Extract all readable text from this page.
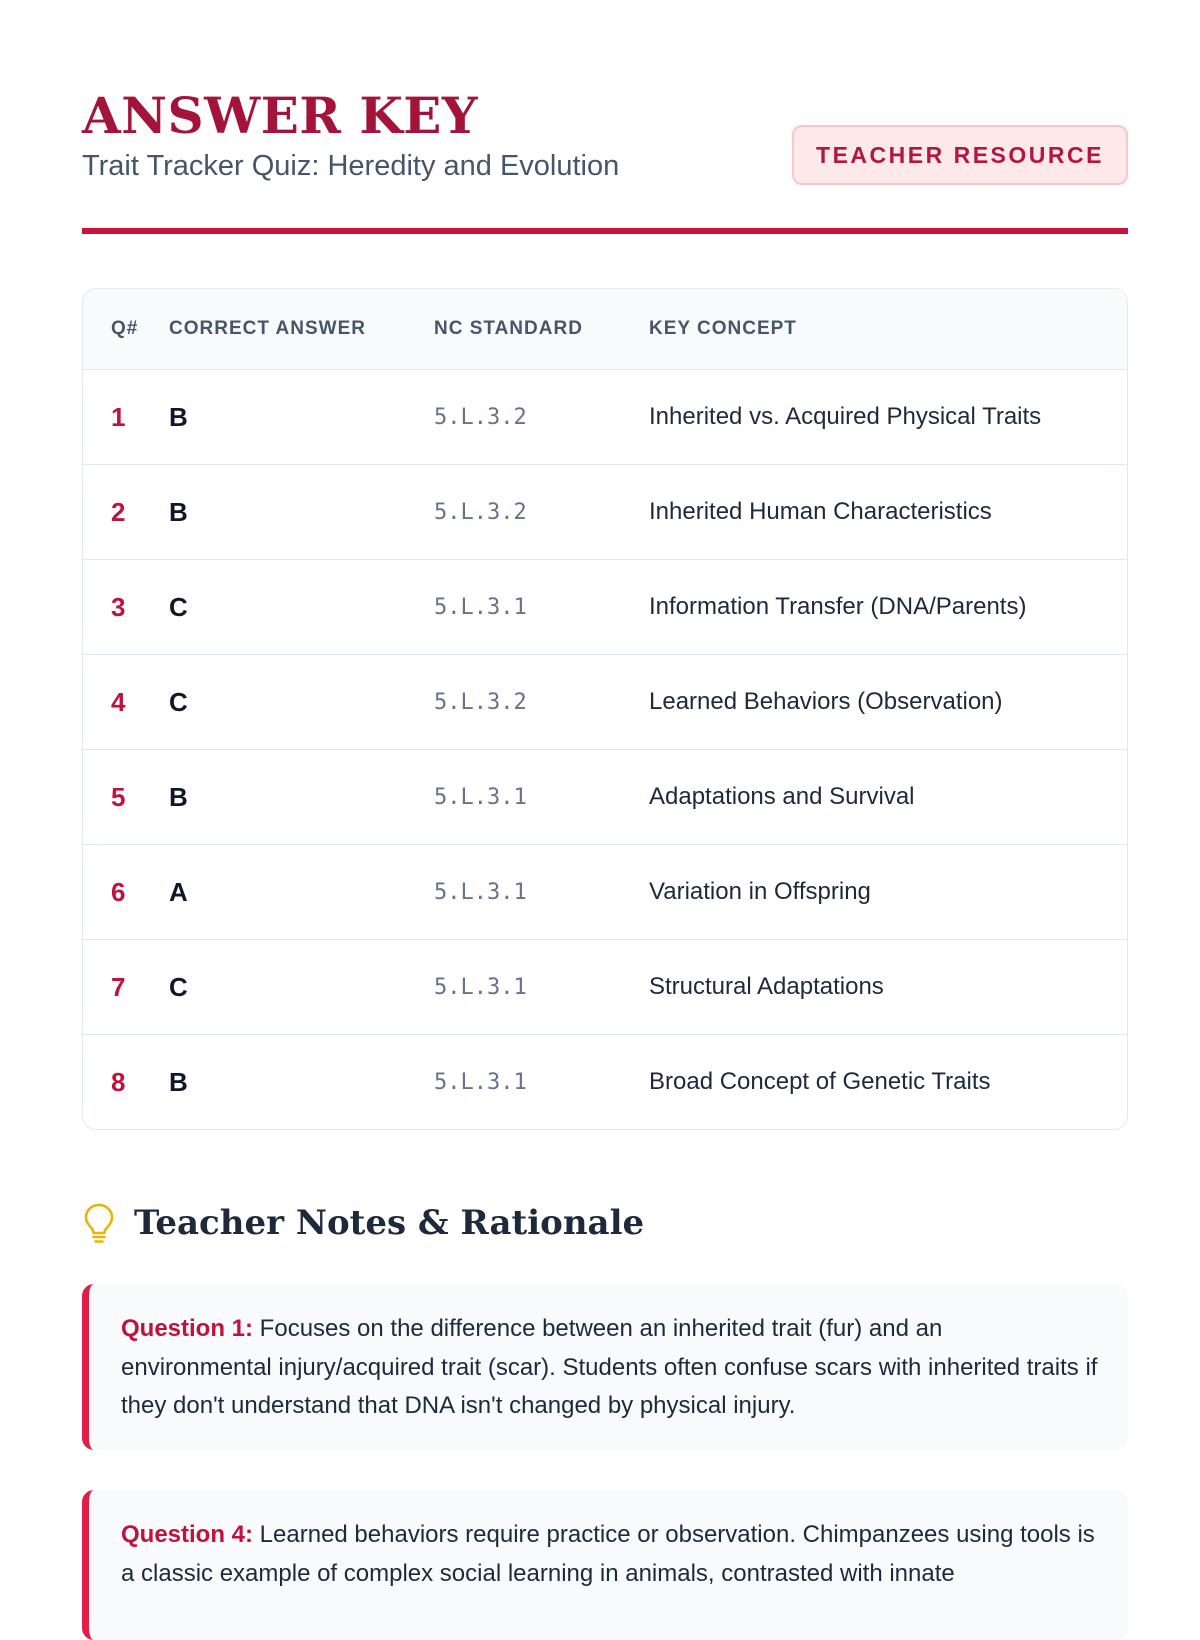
ANSWER KEY

Trait Tracker Quiz: Heredity and Evolution	TEACHER RESOURCE
Q#	CORRECT ANSWER	NC STANDARD	KEY CONCEPT
1	B	5.L.3.2	Inherited vs. Acquired Physical Traits
2	B	5.L.3.2	Inherited Human Characteristics
3	C	5.L.3.1	Information Transfer (DNA/Parents)
4	C	5.L.3.2	Learned Behaviors (Observation)
5	B	5.L.3.1	Adaptations and Survival
6	A	5.L.3.1	Variation in Offspring
7	C	5.L.3.1	Structural Adaptations
8	B	5.L.3.1	Broad Concept of Genetic Traits
Teacher Notes & Rationale
Question 1: Focuses on the difference between an inherited trait (fur) and an environmental injury/acquired trait (scar). Students often confuse scars with inherited traits if they don't understand that DNA isn't changed by physical injury.
Question 4: Learned behaviors require practice or observation. Chimpanzees using tools is a classic example of complex social learning in animals, contrasted with innate
